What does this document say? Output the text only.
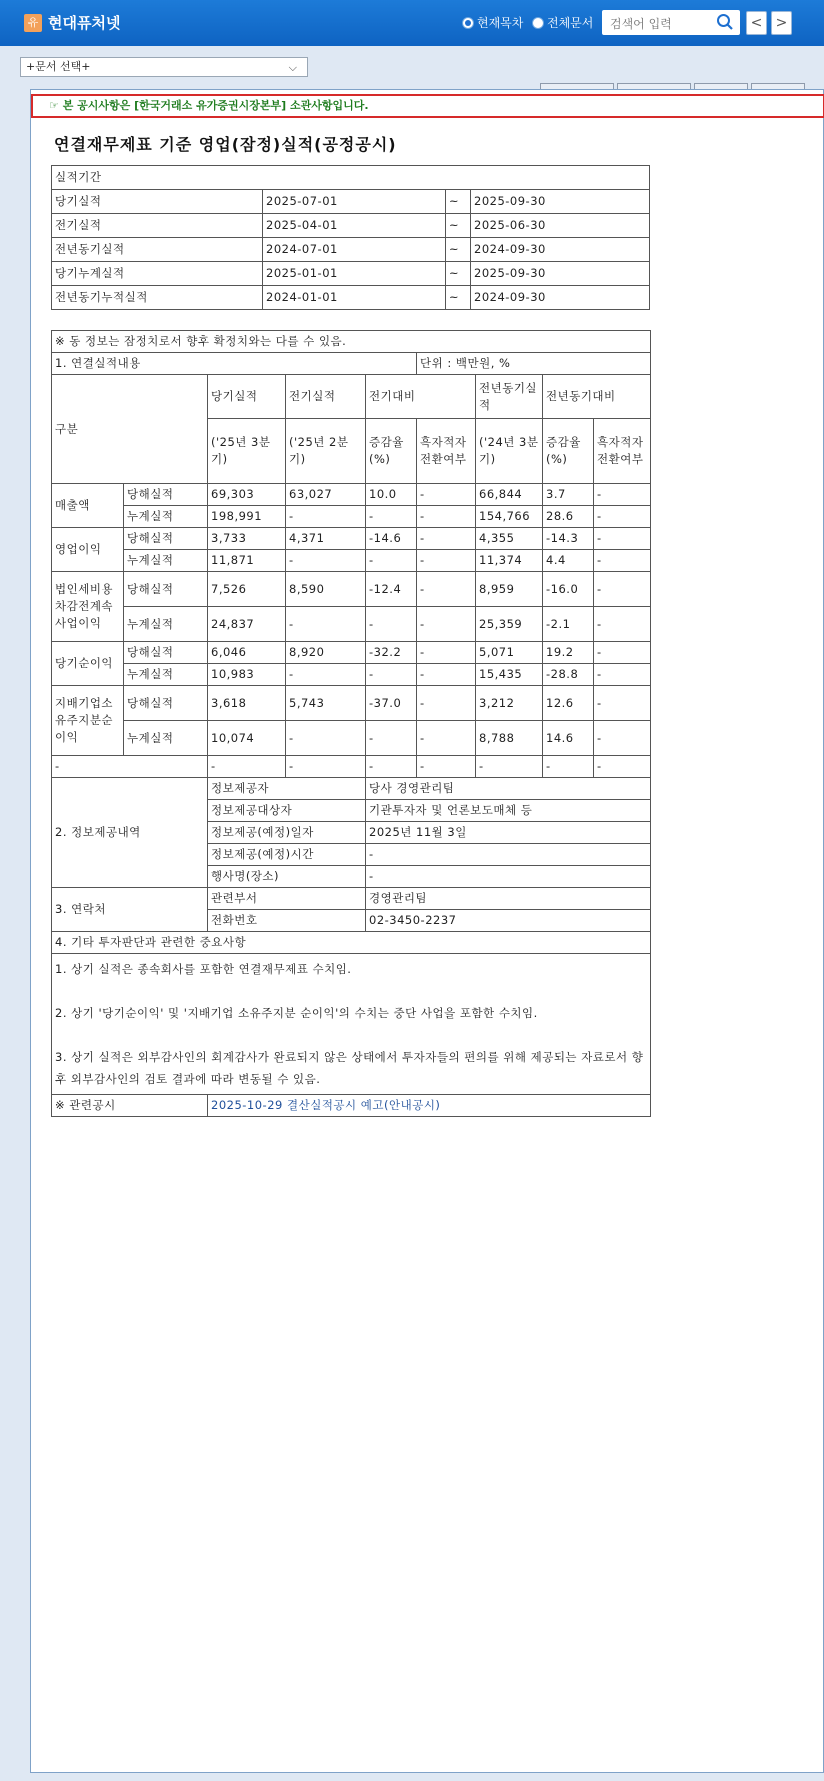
유 현대퓨처넷	현재목차 전체문서
검색어 입력	< >
+문서 선택+	⌵
☞ 본 공시사항은 [한국거래소 유가증권시장본부] 소관사항입니다.
연결재무제표 기준 영업(잠정)실적(공정공시)
실적기간			
당기실적	2025-07-01	~	2025-09-30
전기실적	2025-04-01	~	2025-06-30
전년동기실적	2024-07-01	~	2024-09-30
당기누계실적	2025-01-01	~	2025-09-30
전년동기누적실적	2024-01-01	~	2024-09-30
※ 동 정보는 잠정치로서 향후 확정치와는 다를 수 있음.								
1. 연결실적내용					단위 : 백만원, %			
구분		당기실적	전기실적	전기대비		전년동기실적	전년동기대비	
		('25년 3분기)	('25년 2분기)	증감율(%)	흑자적자전환여부	('24년 3분기)	증감율(%)	흑자적자전환여부
매출액	당해실적	69,303	63,027	10.0	-	66,844	3.7	-
	누계실적	198,991	-	-	-	154,766	28.6	-
영업이익	당해실적	3,733	4,371	-14.6	-	4,355	-14.3	-
	누계실적	11,871	-	-	-	11,374	4.4	-
법인세비용차감전계속사업이익	당해실적	7,526	8,590	-12.4	-	8,959	-16.0	-
	누계실적	24,837	-	-	-	25,359	-2.1	-
당기순이익	당해실적	6,046	8,920	-32.2	-	5,071	19.2	-
	누계실적	10,983	-	-	-	15,435	-28.8	-
지배기업소유주지분순이익	당해실적	3,618	5,743	-37.0	-	3,212	12.6	-
	누계실적	10,074	-	-	-	8,788	14.6	-
-		-	-	-	-	-	-	-
2. 정보제공내역		정보제공자		당사 경영관리팀				
		정보제공대상자		기관투자자 및 언론보도매체 등				
		정보제공(예정)일자		2025년 11월 3일				
		정보제공(예정)시간		-				
		행사명(장소)		-				
3. 연락처		관련부서		경영관리팀				
		전화번호		02-3450-2237				
4. 기타 투자판단과 관련한 중요사항								

1. 상기 실적은 종속회사를 포함한 연결재무제표 수치임.
2. 상기 '당기순이익' 및 '지배기업 소유주지분 순이익'의 수치는 중단 사업을 포함한 수치임.
3. 상기 실적은 외부감사인의 회계감사가 완료되지 않은 상태에서 투자자들의 편의를 위해 제공되는 자료로서 향후 외부감사인의 검토 결과에 따라 변동될 수 있음.								

※ 관련공시		2025-10-29 결산실적공시 예고(안내공시)						
